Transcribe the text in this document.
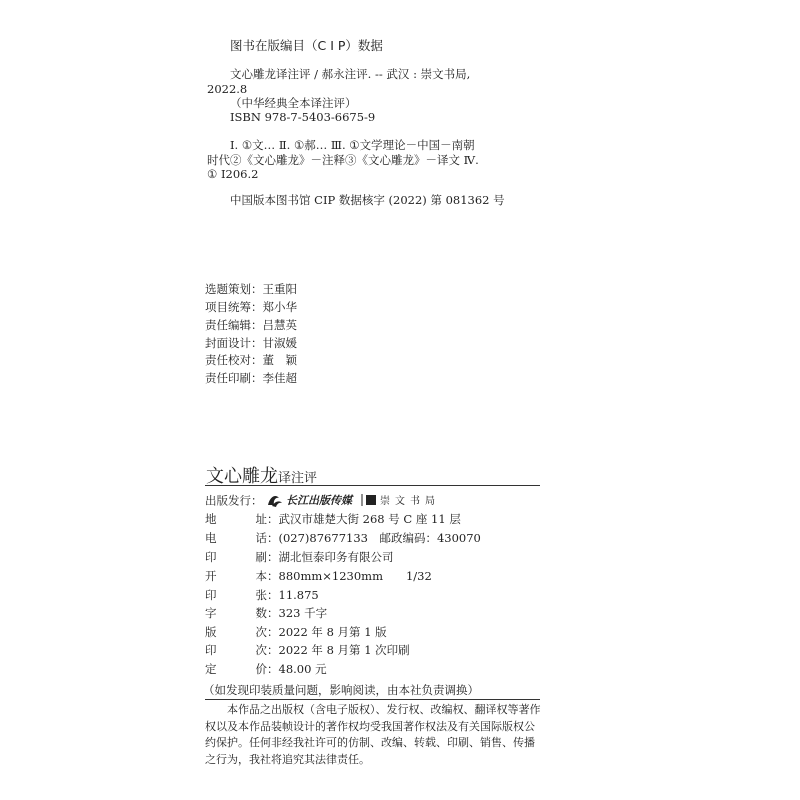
图书在版编目（C I P）数据
文心雕龙译注评 / 郝永注评. -- 武汉 : 崇文书局,
2022.8
（中华经典全本译注评）
ISBN 978-7-5403-6675-9
Ⅰ. ①文… Ⅱ. ①郝… Ⅲ. ①文学理论－中国－南朝
时代②《文心雕龙》－注释③《文心雕龙》－译文 Ⅳ.
① I206.2
中国版本图书馆 CIP 数据核字 (2022) 第 081362 号
选题策划：王重阳
项目统筹：郑小华
责任编辑：吕慧英
封面设计：甘淑媛
责任校对：董　颖
责任印刷：李佳超
文心雕龙译注评
出版发行： 长江出版传媒	崇文书局
地址：武汉市雄楚大街 268 号 C 座 11 层
电话：(027)87677133　邮政编码：430070
印刷：湖北恒泰印务有限公司
开本：880mm×1230mm　　1/32
印张：11.875
字数：323 千字
版次：2022 年 8 月第 1 版
印次：2022 年 8 月第 1 次印刷
定价：48.00 元
（如发现印装质量问题，影响阅读，由本社负责调换）
本作品之出版权（含电子版权）、发行权、改编权、翻译权等著作权以及本作品装帧设计的著作权均受我国著作权法及有关国际版权公约保护。任何非经我社许可的仿制、改编、转载、印刷、销售、传播之行为，我社将追究其法律责任。
